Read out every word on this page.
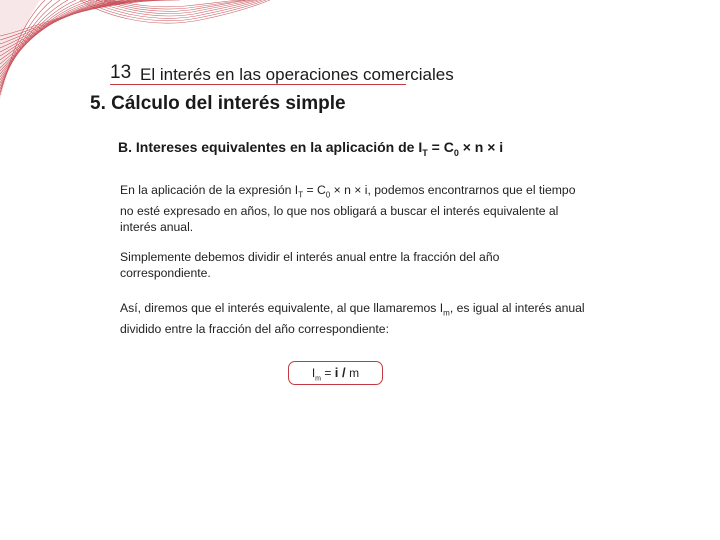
13 El interés en las operaciones comerciales
5. Cálculo del interés simple
B. Intereses equivalentes en la aplicación de $I_T = C_0 \times n \times i$

En la aplicación de la expresión $I_T = C_0 \times n \times i$, podemos encontrarnos que el tiempo no esté expresado en años, lo que nos obligará a buscar el interés equivalente al interés anual.

Simplemente debemos dividir el interés anual entre la fracción del año correspondiente.

Así, diremos que el interés equivalente, al que llamaremos $I_m$, es igual al interés anual dividido entre la fracción del año correspondiente:

$I_m = i / m$
